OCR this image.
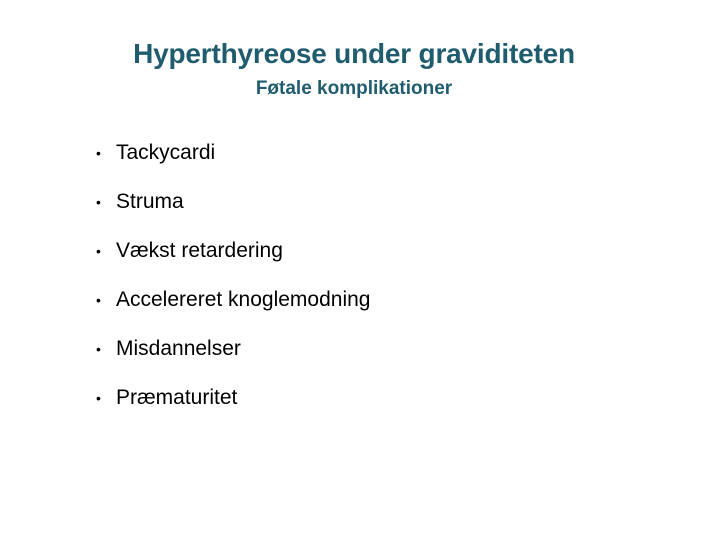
Hyperthyreose under graviditeten
Føtale komplikationer
• Tackycardi
• Struma
• Vækst retardering
• Accelereret knoglemodning
• Misdannelser
• Præmaturitet
